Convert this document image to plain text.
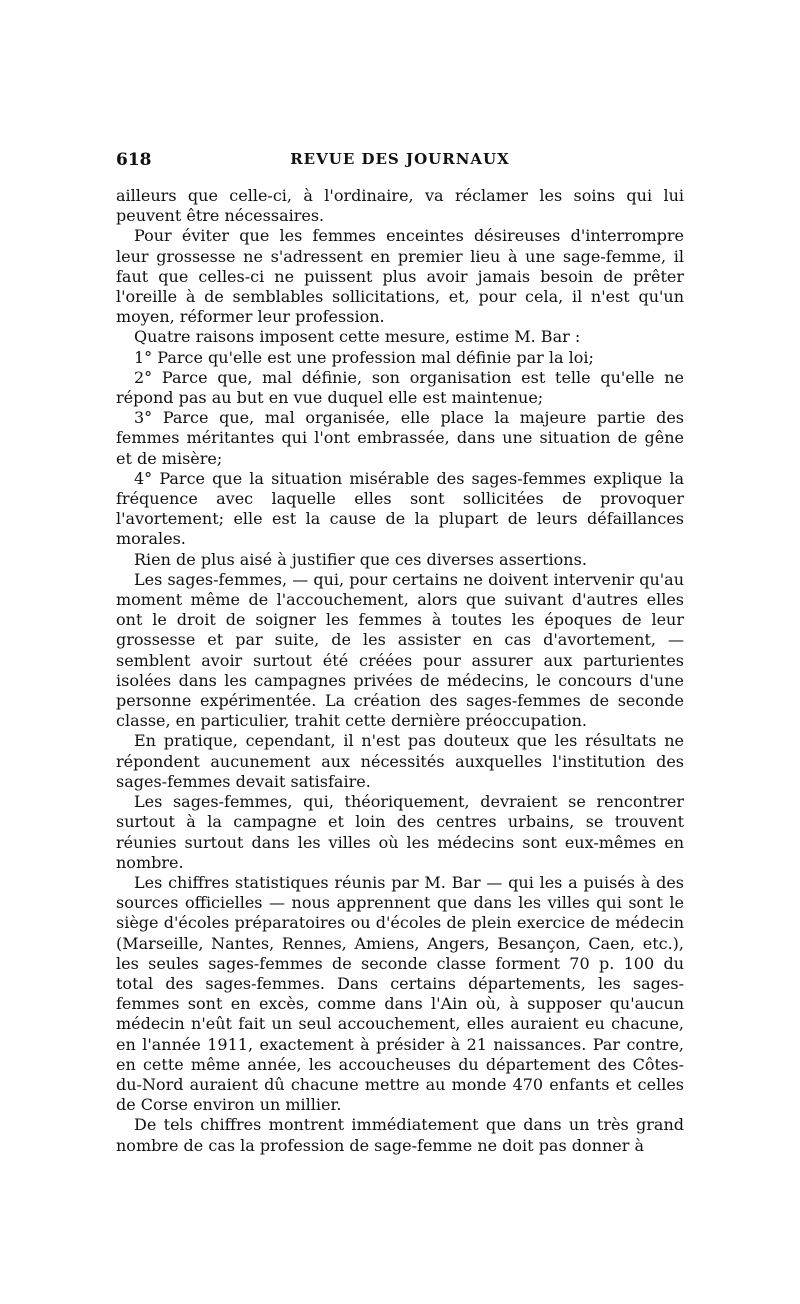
618	REVUE DES JOURNAUX

ailleurs que celle-ci, à l'ordinaire, va réclamer les soins qui lui peuvent être nécessaires.

Pour éviter que les femmes enceintes désireuses d'interrompre leur grossesse ne s'adressent en premier lieu à une sage-femme, il faut que celles-ci ne puissent plus avoir jamais besoin de prêter l'oreille à de semblables sollicitations, et, pour cela, il n'est qu'un moyen, réformer leur profession.

Quatre raisons imposent cette mesure, estime M. Bar :

1° Parce qu'elle est une profession mal définie par la loi;

2° Parce que, mal définie, son organisation est telle qu'elle ne répond pas au but en vue duquel elle est maintenue;

3° Parce que, mal organisée, elle place la majeure partie des femmes méritantes qui l'ont embrassée, dans une situation de gêne et de misère;

4° Parce que la situation misérable des sages-femmes explique la fréquence avec laquelle elles sont sollicitées de provoquer l'avortement; elle est la cause de la plupart de leurs défaillances morales.

Rien de plus aisé à justifier que ces diverses assertions.

Les sages-femmes, — qui, pour certains ne doivent intervenir qu'au moment même de l'accouchement, alors que suivant d'autres elles ont le droit de soigner les femmes à toutes les époques de leur grossesse et par suite, de les assister en cas d'avortement, — semblent avoir surtout été créées pour assurer aux parturientes isolées dans les campagnes privées de médecins, le concours d'une personne expérimentée. La création des sages-femmes de seconde classe, en particulier, trahit cette dernière préoccupation.

En pratique, cependant, il n'est pas douteux que les résultats ne répondent aucunement aux nécessités auxquelles l'institution des sages-femmes devait satisfaire.

Les sages-femmes, qui, théoriquement, devraient se rencontrer surtout à la campagne et loin des centres urbains, se trouvent réunies surtout dans les villes où les médecins sont eux-mêmes en nombre.

Les chiffres statistiques réunis par M. Bar — qui les a puisés à des sources officielles — nous apprennent que dans les villes qui sont le siège d'écoles préparatoires ou d'écoles de plein exercice de médecin (Marseille, Nantes, Rennes, Amiens, Angers, Besançon, Caen, etc.), les seules sages-femmes de seconde classe forment 70 p. 100 du total des sages-femmes. Dans certains départements, les sages-femmes sont en excès, comme dans l'Ain où, à supposer qu'aucun médecin n'eût fait un seul accouchement, elles auraient eu chacune, en l'année 1911, exactement à présider à 21 naissances. Par contre, en cette même année, les accoucheuses du département des Côtes-du-Nord auraient dû chacune mettre au monde 470 enfants et celles de Corse environ un millier.

De tels chiffres montrent immédiatement que dans un très grand nombre de cas la profession de sage-femme ne doit pas donner à
